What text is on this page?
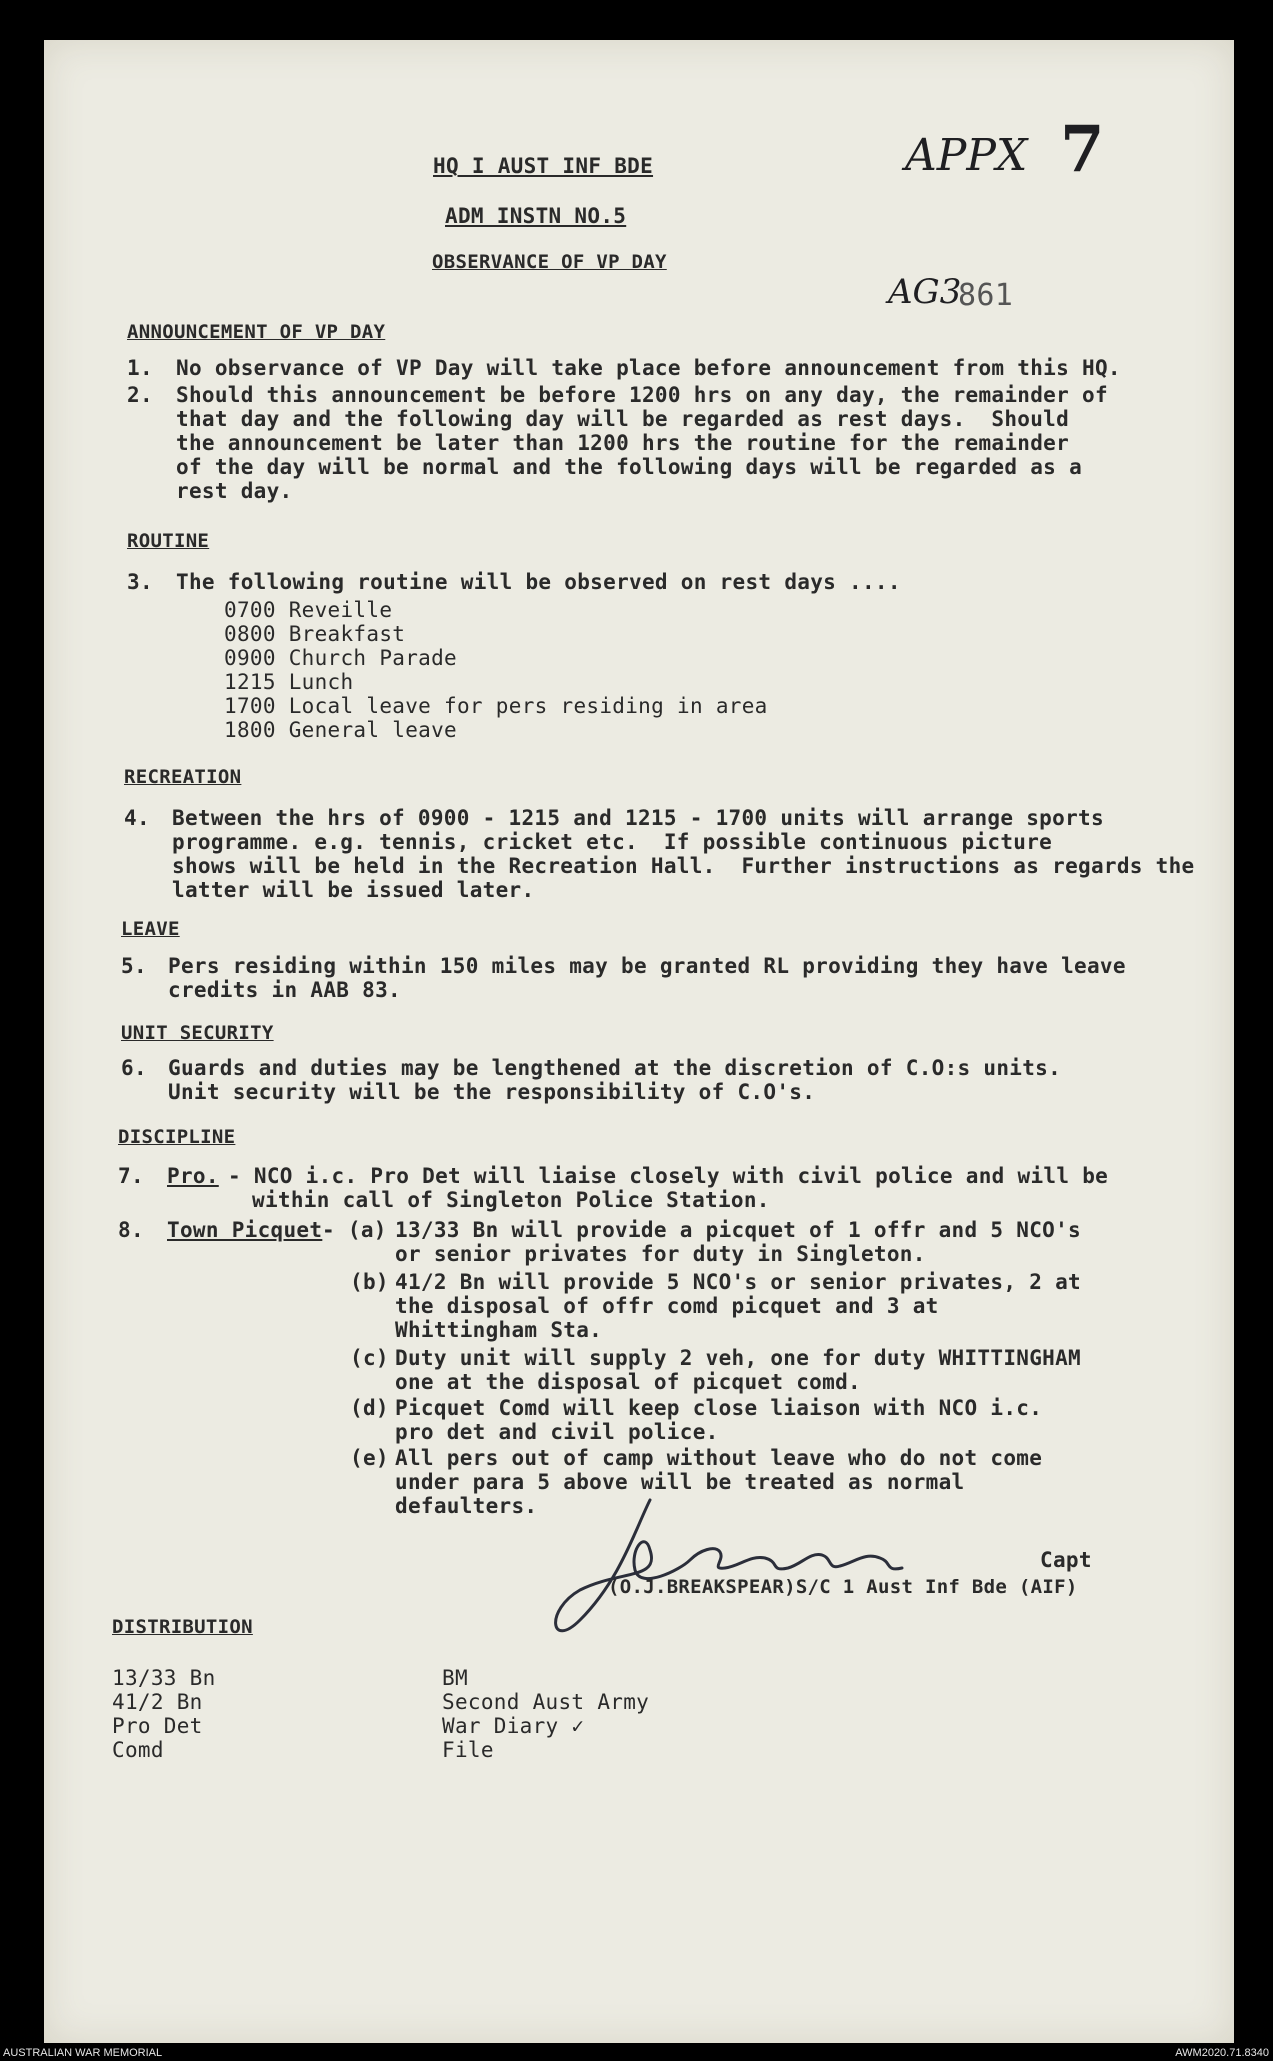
APPX 7
AG3
861
HQ I AUST INF BDE
ADM INSTN NO.5
OBSERVANCE OF VP DAY
ANNOUNCEMENT OF VP DAY
1. No observance of VP Day will take place before announcement from this HQ.
2. Should this announcement be before 1200 hrs on any day, the remainder of
that day and the following day will be regarded as rest days.  Should
the announcement be later than 1200 hrs the routine for the remainder
of the day will be normal and the following days will be regarded as a
rest day.
ROUTINE
3. The following routine will be observed on rest days ....
0700 Reveille
0800 Breakfast
0900 Church Parade
1215 Lunch
1700 Local leave for pers residing in area
1800 General leave
RECREATION
4. Between the hrs of 0900 - 1215 and 1215 - 1700 units will arrange sports
programme. e.g. tennis, cricket etc.  If possible continuous picture
shows will be held in the Recreation Hall.  Further instructions as regards the
latter will be issued later.
LEAVE
5. Pers residing within 150 miles may be granted RL providing they have leave
credits in AAB 83.
UNIT SECURITY
6. Guards and duties may be lengthened at the discretion of C.O:s units.
Unit security will be the responsibility of C.O's.
DISCIPLINE
7. Pro. - NCO i.c. Pro Det will liaise closely with civil police and will be
within call of Singleton Police Station.
8. Town Picquet - (a) 13/33 Bn will provide a picquet of 1 offr and 5 NCO's
or senior privates for duty in Singleton.
(b) 41/2 Bn will provide 5 NCO's or senior privates, 2 at
the disposal of offr comd picquet and 3 at
Whittingham Sta.
(c) Duty unit will supply 2 veh, one for duty WHITTINGHAM
one at the disposal of picquet comd.
(d) Picquet Comd will keep close liaison with NCO i.c.
pro det and civil police.
(e) All pers out of camp without leave who do not come
under para 5 above will be treated as normal
defaulters.
Capt
(O.J.BREAKSPEAR)S/C 1 Aust Inf Bde (AIF)
DISTRIBUTION
13/33 Bn
41/2 Bn
Pro Det
Comd
BM
Second Aust Army
War Diary ✓
File
AUSTRALIAN WAR MEMORIAL	AWM2020.71.8340
